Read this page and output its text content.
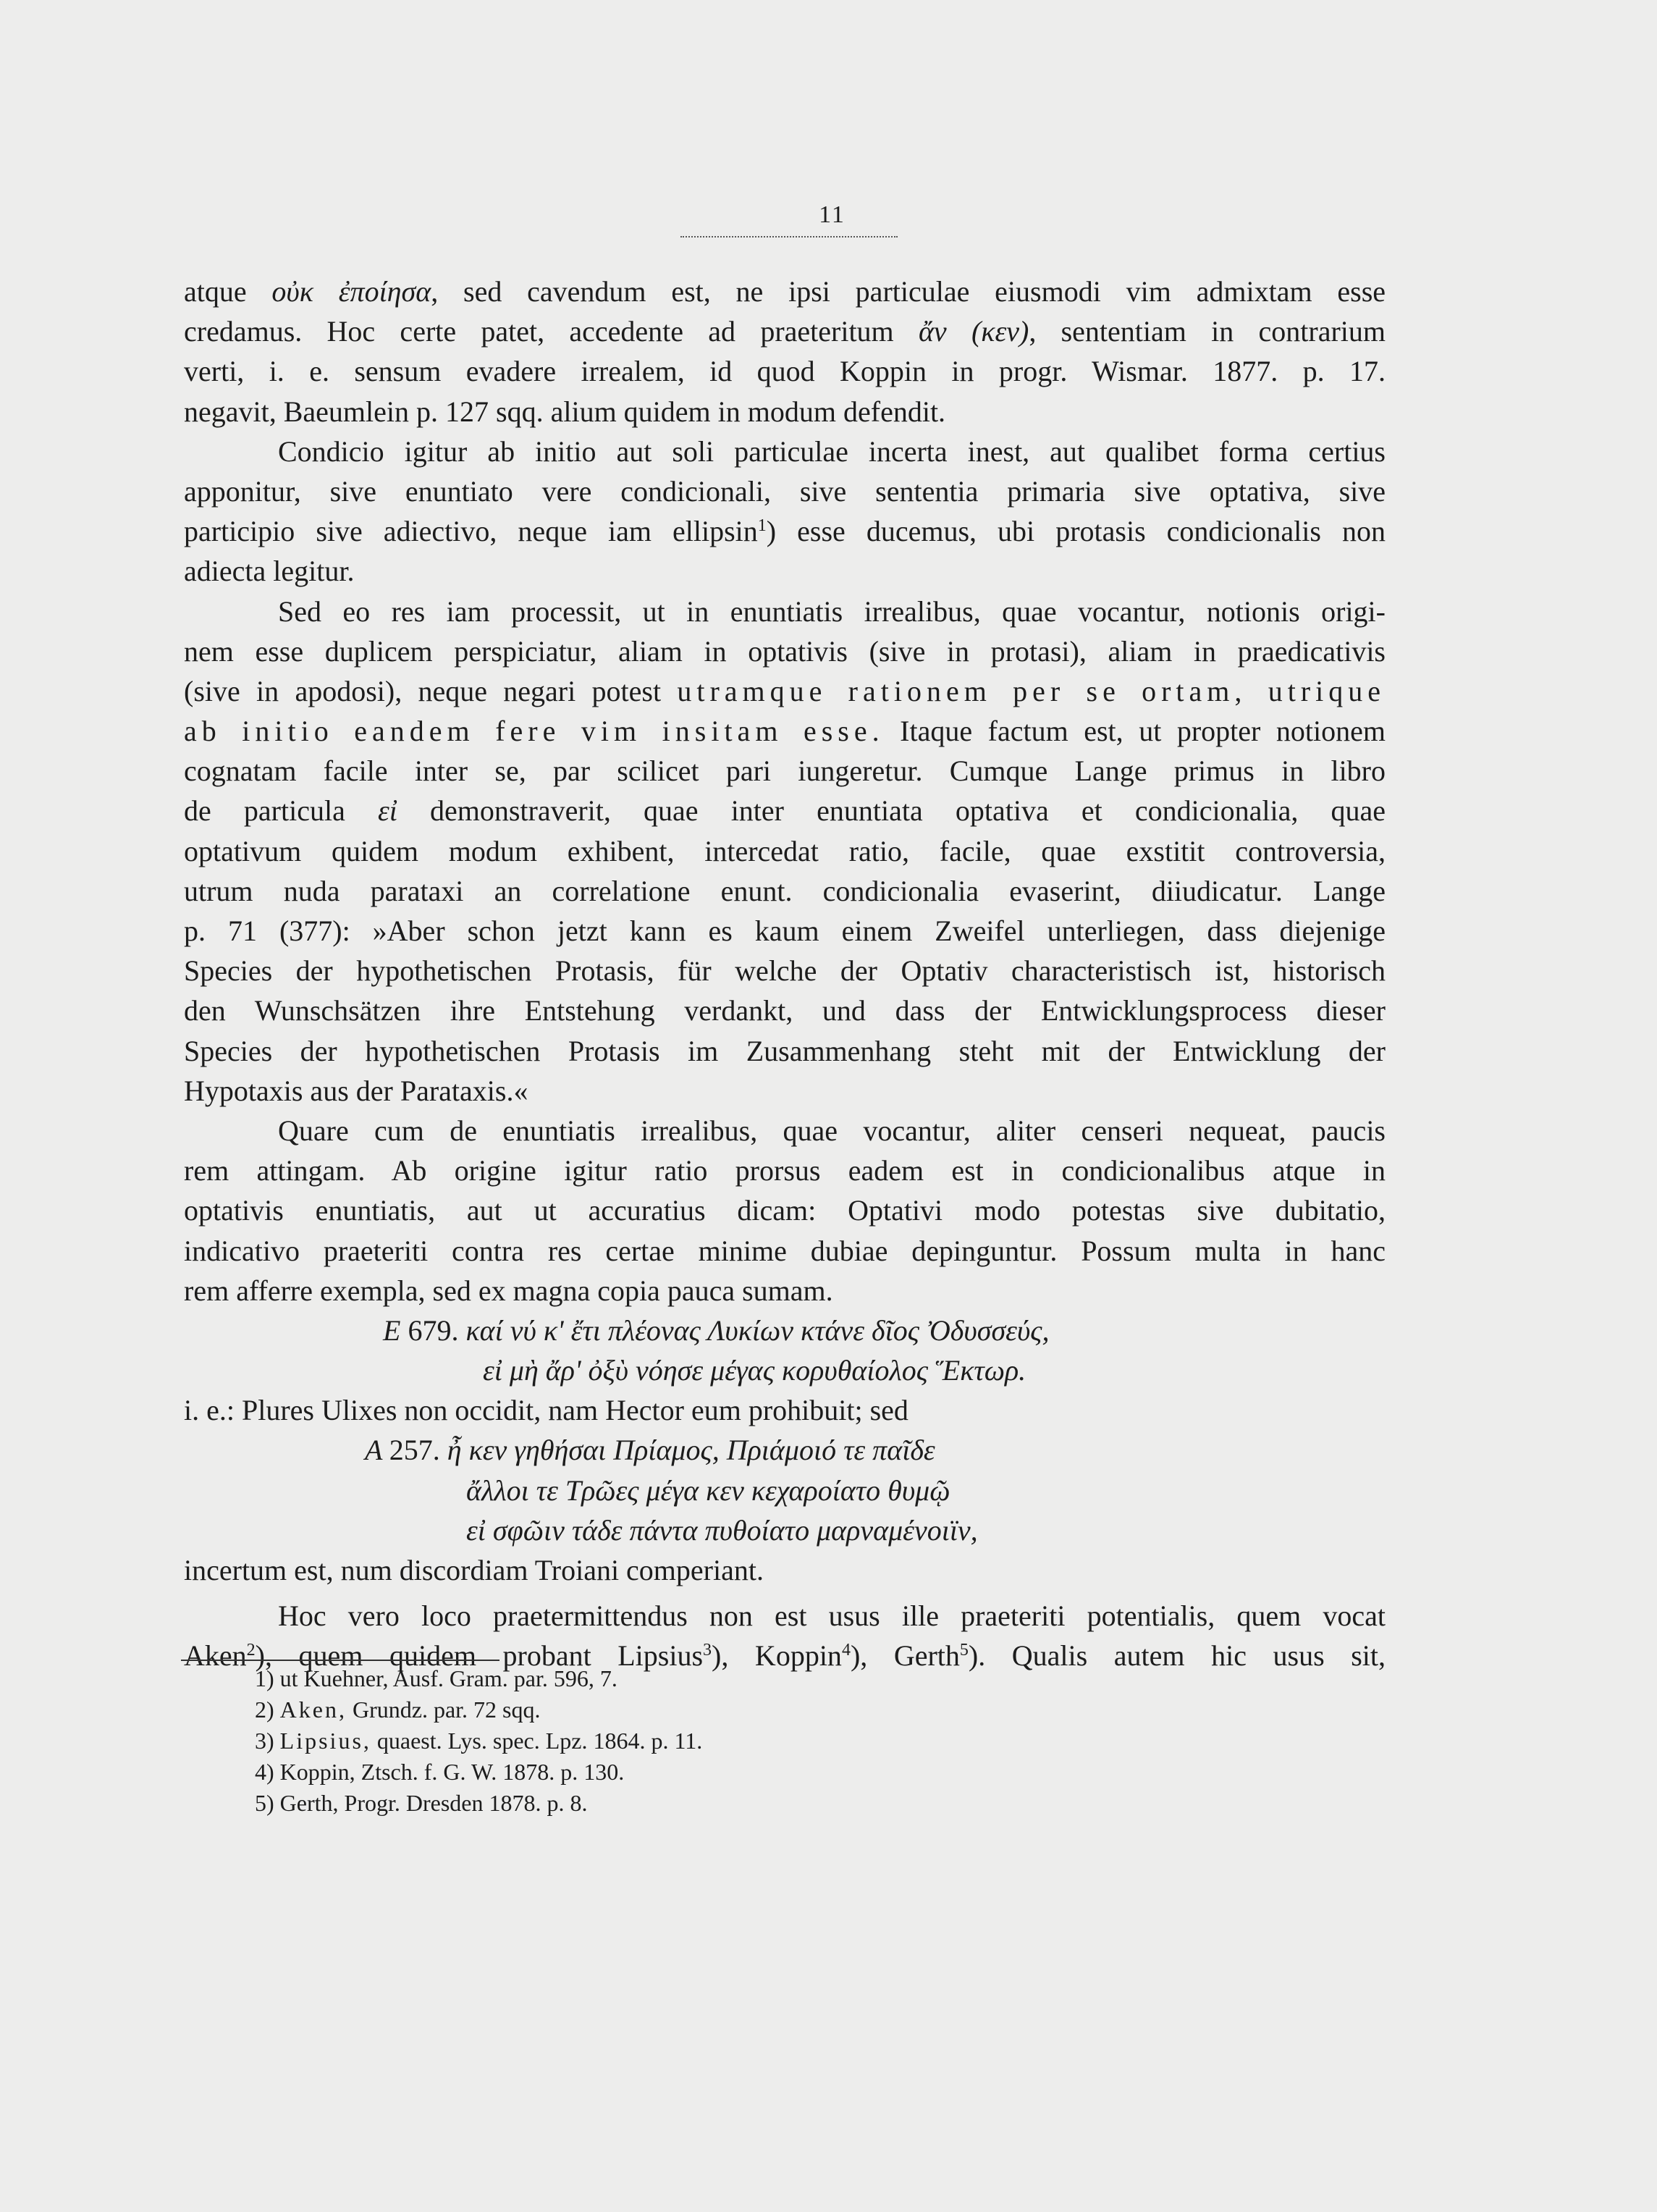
11
atque οὐκ ἐποίησα, sed cavendum est, ne ipsi particulae eiusmodi vim admixtam esse
credamus. Hoc certe patet, accedente ad praeteritum ἄν (κεν), sententiam in contrarium
verti, i. e. sensum evadere irrealem, id quod Koppin in progr. Wismar. 1877. p. 17.
negavit, Baeumlein p. 127 sqq. alium quidem in modum defendit.
Condicio igitur ab initio aut soli particulae incerta inest, aut qualibet forma certius
apponitur, sive enuntiato vere condicionali, sive sententia primaria sive optativa, sive
participio sive adiectivo, neque iam ellipsin$^1$) esse ducemus, ubi protasis condicionalis non
adiecta legitur.
Sed eo res iam processit, ut in enuntiatis irrealibus, quae vocantur, notionis origi-
nem esse duplicem perspiciatur, aliam in optativis (sive in protasi), aliam in praedicativis
(sive in apodosi), neque negari potest utramque rationem per se ortam, utrique
ab initio eandem fere vim insitam esse. Itaque factum est, ut propter notionem
cognatam facile inter se, par scilicet pari iungeretur. Cumque Lange primus in libro
de particula εἰ demonstraverit, quae inter enuntiata optativa et condicionalia, quae
optativum quidem modum exhibent, intercedat ratio, facile, quae exstitit controversia,
utrum nuda parataxi an correlatione enunt. condicionalia evaserint, diiudicatur. Lange
p. 71 (377): »Aber schon jetzt kann es kaum einem Zweifel unterliegen, dass diejenige
Species der hypothetischen Protasis, für welche der Optativ characteristisch ist, historisch
den Wunschsätzen ihre Entstehung verdankt, und dass der Entwicklungsprocess dieser
Species der hypothetischen Protasis im Zusammenhang steht mit der Entwicklung der
Hypotaxis aus der Parataxis.«
Quare cum de enuntiatis irrealibus, quae vocantur, aliter censeri nequeat, paucis
rem attingam. Ab origine igitur ratio prorsus eadem est in condicionalibus atque in
optativis enuntiatis, aut ut accuratius dicam: Optativi modo potestas sive dubitatio,
indicativo praeteriti contra res certae minime dubiae depinguntur. Possum multa in hanc
rem afferre exempla, sed ex magna copia pauca sumam.
E 679. καί νύ κ' ἔτι πλέονας Λυκίων κτάνε δῖος Ὀδυσσεύς,
εἰ μὴ ἄρ' ὀξὺ νόησε μέγας κορυθαίολος Ἕκτωρ.
i. e.: Plures Ulixes non occidit, nam Hector eum prohibuit; sed
A 257. ἦ κεν γηθήσαι Πρίαμος, Πριάμοιό τε παῖδε
ἄλλοι τε Τρῶες μέγα κεν κεχαροίατο θυμῷ
εἰ σφῶιν τάδε πάντα πυθοίατο μαρναμένοιϊν,
incertum est, num discordiam Troiani comperiant.
Hoc vero loco praetermittendus non est usus ille praeteriti potentialis, quem vocat
Aken$^2$), quem quidem probant Lipsius$^3$), Koppin$^4$), Gerth$^5$). Qualis autem hic usus sit,
1) ut Kuehner, Ausf. Gram. par. 596, 7.
2) Aken, Grundz. par. 72 sqq.
3) Lipsius, quaest. Lys. spec. Lpz. 1864. p. 11.
4) Koppin, Ztsch. f. G. W. 1878. p. 130.
5) Gerth, Progr. Dresden 1878. p. 8.
